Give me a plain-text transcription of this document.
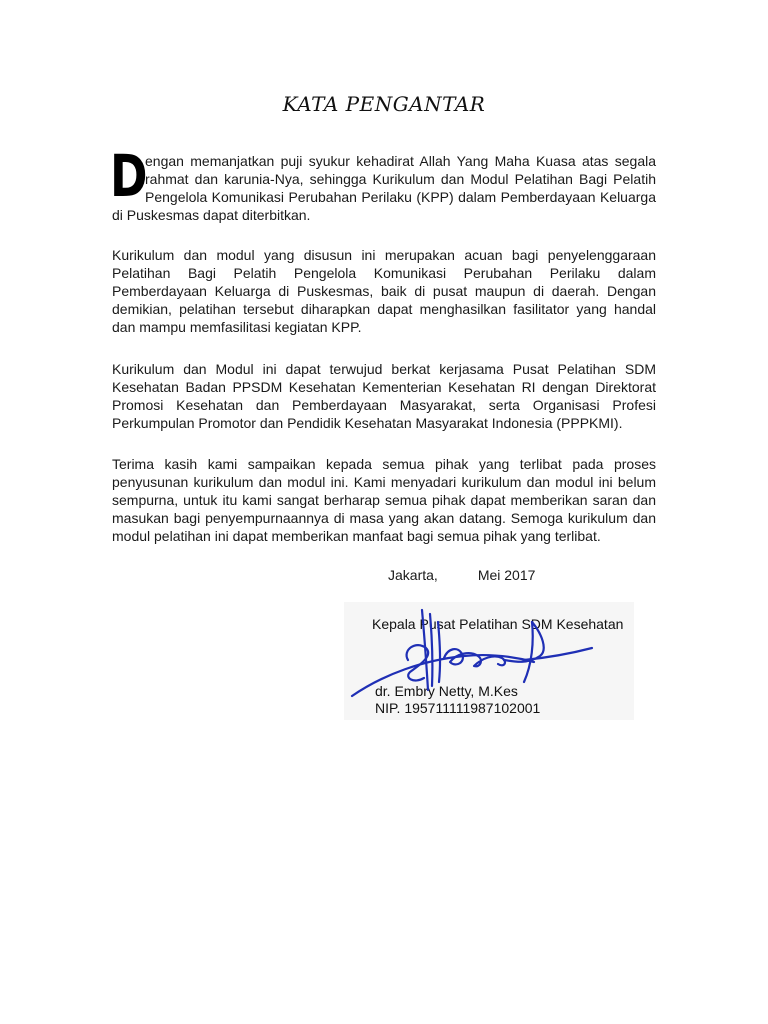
KATA PENGANTAR
D
engan memanjatkan puji syukur kehadirat Allah Yang Maha Kuasa atas segala rahmat dan karunia-Nya, sehingga Kurikulum dan Modul Pelatihan Bagi Pelatih Pengelola Komunikasi Perubahan Perilaku (KPP) dalam Pemberdayaan Keluarga di Puskesmas dapat diterbitkan.
Kurikulum dan modul yang disusun ini merupakan acuan bagi penyelenggaraan Pelatihan Bagi Pelatih Pengelola Komunikasi Perubahan Perilaku dalam Pemberdayaan Keluarga di Puskesmas, baik di pusat maupun di daerah. Dengan demikian, pelatihan tersebut diharapkan dapat menghasilkan fasilitator yang handal dan mampu memfasilitasi kegiatan KPP.
Kurikulum dan Modul ini dapat terwujud berkat kerjasama Pusat Pelatihan SDM Kesehatan Badan PPSDM Kesehatan Kementerian Kesehatan RI dengan Direktorat Promosi Kesehatan dan Pemberdayaan Masyarakat, serta Organisasi Profesi Perkumpulan Promotor dan Pendidik Kesehatan Masyarakat Indonesia (PPPKMI).
Terima kasih kami sampaikan kepada semua pihak yang terlibat pada proses penyusunan kurikulum dan modul ini. Kami menyadari kurikulum dan modul ini belum sempurna, untuk itu kami sangat berharap semua pihak dapat memberikan saran dan masukan bagi penyempurnaannya di masa yang akan datang. Semoga kurikulum dan modul pelatihan ini dapat memberikan manfaat bagi semua pihak yang terlibat.
Jakarta,	Mei 2017
Kepala Pusat Pelatihan SDM Kesehatan
dr. Embry Netty, M.Kes
NIP. 195711111987102001
